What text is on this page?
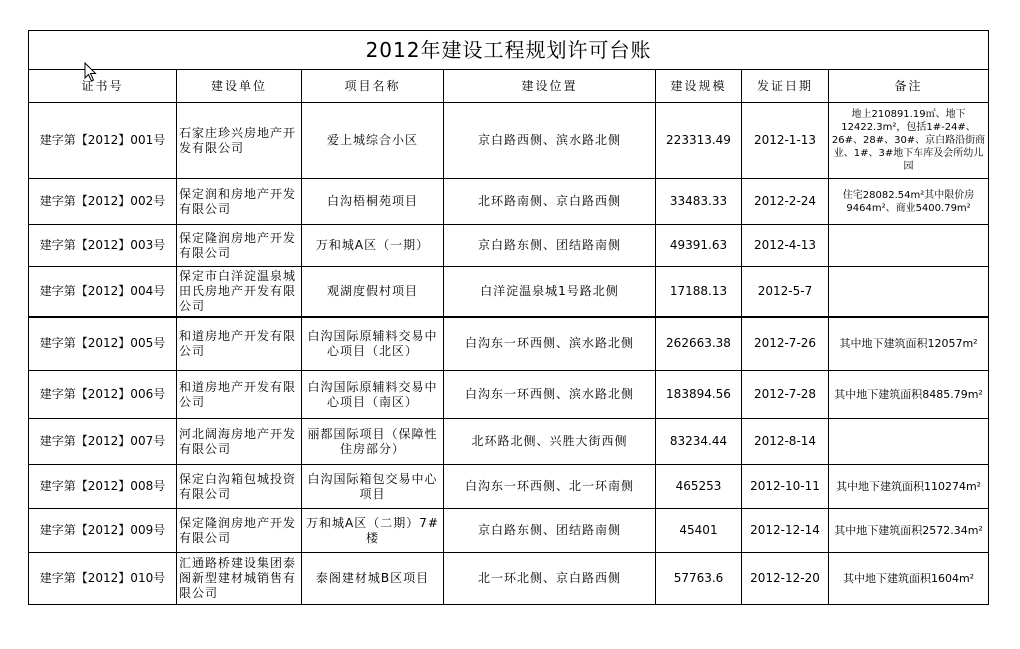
2012年建设工程规划许可台账						
证书号	建设单位	项目名称	建设位置	建设规模	发证日期	备注
建字第【2012】001号	石家庄珍兴房地产开发有限公司	爱上城综合小区	京白路西侧、滨水路北侧	223313.49	2012-1-13	地上210891.19㎡、地下12422.3m²，包括1#-24#、26#、28#、30#、京白路沿街商业、1#、3#地下车库及会所幼儿园
建字第【2012】002号	保定润和房地产开发有限公司	白沟梧桐苑项目	北环路南侧、京白路西侧	33483.33	2012-2-24	住宅28082.54m²其中限价房9464m²、商业5400.79m²
建字第【2012】003号	保定隆润房地产开发有限公司	万和城A区（一期）	京白路东侧、团结路南侧	49391.63	2012-4-13	
建字第【2012】004号	保定市白洋淀温泉城田氏房地产开发有限公司	观湖度假村项目	白洋淀温泉城1号路北侧	17188.13	2012-5-7	
建字第【2012】005号	和道房地产开发有限公司	白沟国际原辅料交易中心项目（北区）	白沟东一环西侧、滨水路北侧	262663.38	2012-7-26	其中地下建筑面积12057m²
建字第【2012】006号	和道房地产开发有限公司	白沟国际原辅料交易中心项目（南区）	白沟东一环西侧、滨水路北侧	183894.56	2012-7-28	其中地下建筑面积8485.79m²
建字第【2012】007号	河北阔海房地产开发有限公司	丽都国际项目（保障性住房部分）	北环路北侧、兴胜大街西侧	83234.44	2012-8-14	
建字第【2012】008号	保定白沟箱包城投资有限公司	白沟国际箱包交易中心项目	白沟东一环西侧、北一环南侧	465253	2012-10-11	其中地下建筑面积110274m²
建字第【2012】009号	保定隆润房地产开发有限公司	万和城A区（二期）7#楼	京白路东侧、团结路南侧	45401	2012-12-14	其中地下建筑面积2572.34m²
建字第【2012】010号	汇通路桥建设集团泰阁新型建材城销售有限公司	泰阁建材城B区项目	北一环北侧、京白路西侧	57763.6	2012-12-20	其中地下建筑面积1604m²
